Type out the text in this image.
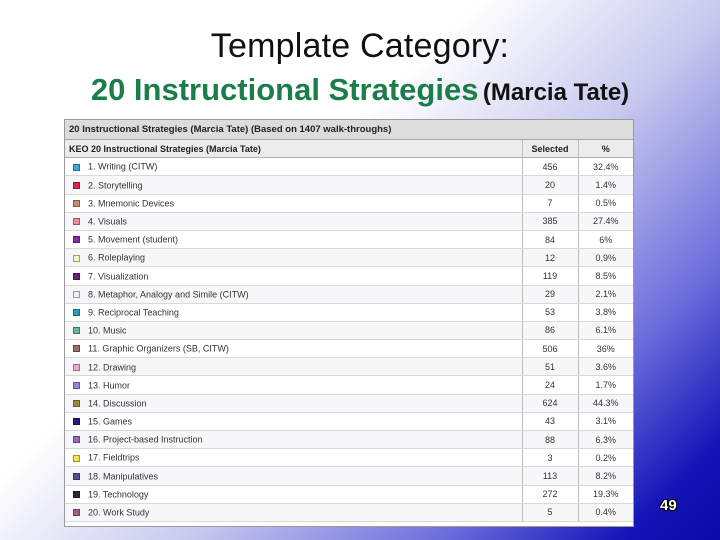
Template Category:
20 Instructional Strategies (Marcia Tate)
20 Instructional Strategies (Marcia Tate) (Based on 1407 walk-throughs)
KEO 20 Instructional Strategies (Marcia Tate)	Selected	%
1. Writing (CITW)	456	32.4%
2. Storytelling	20	1.4%
3. Mnemonic Devices	7	0.5%
4. Visuals	385	27.4%
5. Movement (student)	84	6%
6. Roleplaying	12	0.9%
7. Visualization	119	8.5%
8. Metaphor, Analogy and Simile (CITW)	29	2.1%
9. Reciprocal Teaching	53	3.8%
10. Music	86	6.1%
11. Graphic Organizers (SB, CITW)	506	36%
12. Drawing	51	3.6%
13. Humor	24	1.7%
14. Discussion	624	44.3%
15. Games	43	3.1%
16. Project-based Instruction	88	6.3%
17. Fieldtrips	3	0.2%
18. Manipulatives	113	8.2%
19. Technology	272	19.3%
20. Work Study	5	0.4%	49
